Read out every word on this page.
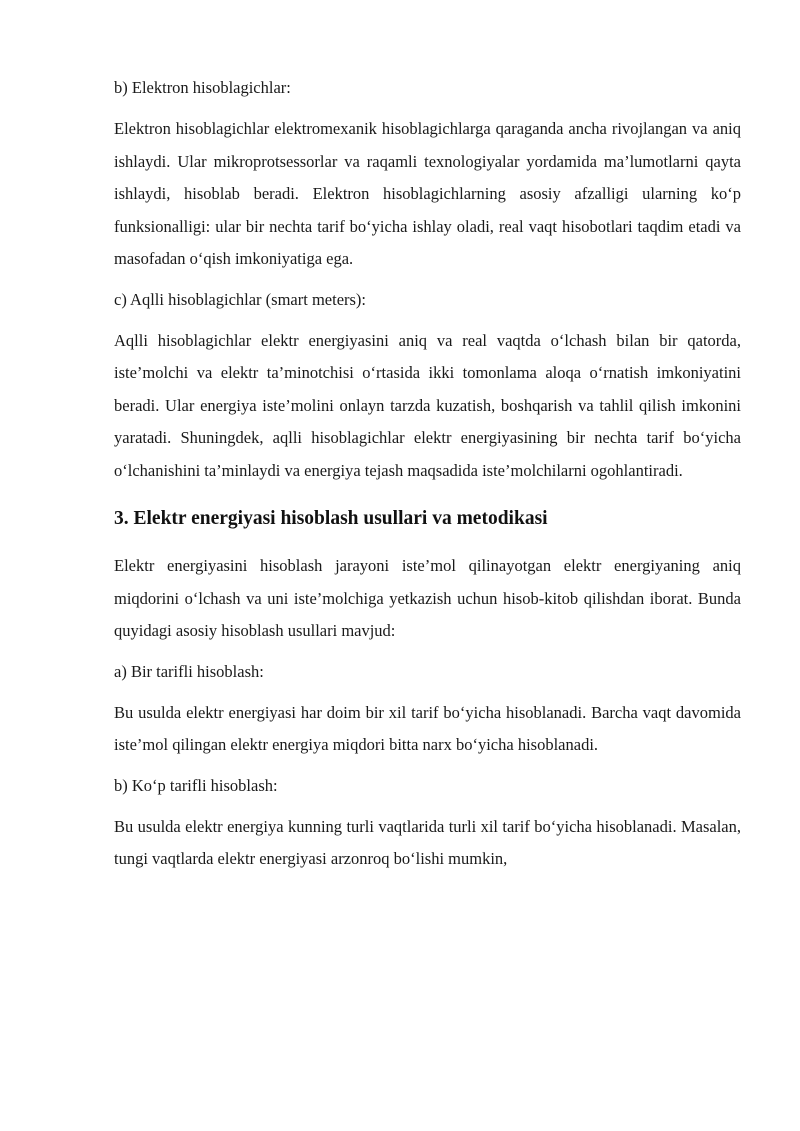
b) Elektron hisoblagichlar:

Elektron hisoblagichlar elektromexanik hisoblagichlarga qaraganda ancha rivojlangan va aniq ishlaydi. Ular mikroprotsessorlar va raqamli texnologiyalar yordamida ma’lumotlarni qayta ishlaydi, hisoblab beradi. Elektron hisoblagichlarning asosiy afzalligi ularning ko‘p funksionalligi: ular bir nechta tarif bo‘yicha ishlay oladi, real vaqt hisobotlari taqdim etadi va masofadan o‘qish imkoniyatiga ega.

c) Aqlli hisoblagichlar (smart meters):

Aqlli hisoblagichlar elektr energiyasini aniq va real vaqtda o‘lchash bilan bir qatorda, iste’molchi va elektr ta’minotchisi o‘rtasida ikki tomonlama aloqa o‘rnatish imkoniyatini beradi. Ular energiya iste’molini onlayn tarzda kuzatish, boshqarish va tahlil qilish imkonini yaratadi. Shuningdek, aqlli hisoblagichlar elektr energiyasining bir nechta tarif bo‘yicha o‘lchanishini ta’minlaydi va energiya tejash maqsadida iste’molchilarni ogohlantiradi.

3. Elektr energiyasi hisoblash usullari va metodikasi

Elektr energiyasini hisoblash jarayoni iste’mol qilinayotgan elektr energiyaning aniq miqdorini o‘lchash va uni iste’molchiga yetkazish uchun hisob-kitob qilishdan iborat. Bunda quyidagi asosiy hisoblash usullari mavjud:

a) Bir tarifli hisoblash:

Bu usulda elektr energiyasi har doim bir xil tarif bo‘yicha hisoblanadi. Barcha vaqt davomida iste’mol qilingan elektr energiya miqdori bitta narx bo‘yicha hisoblanadi.

b) Ko‘p tarifli hisoblash:

Bu usulda elektr energiya kunning turli vaqtlarida turli xil tarif bo‘yicha hisoblanadi. Masalan, tungi vaqtlarda elektr energiyasi arzonroq bo‘lishi mumkin,
